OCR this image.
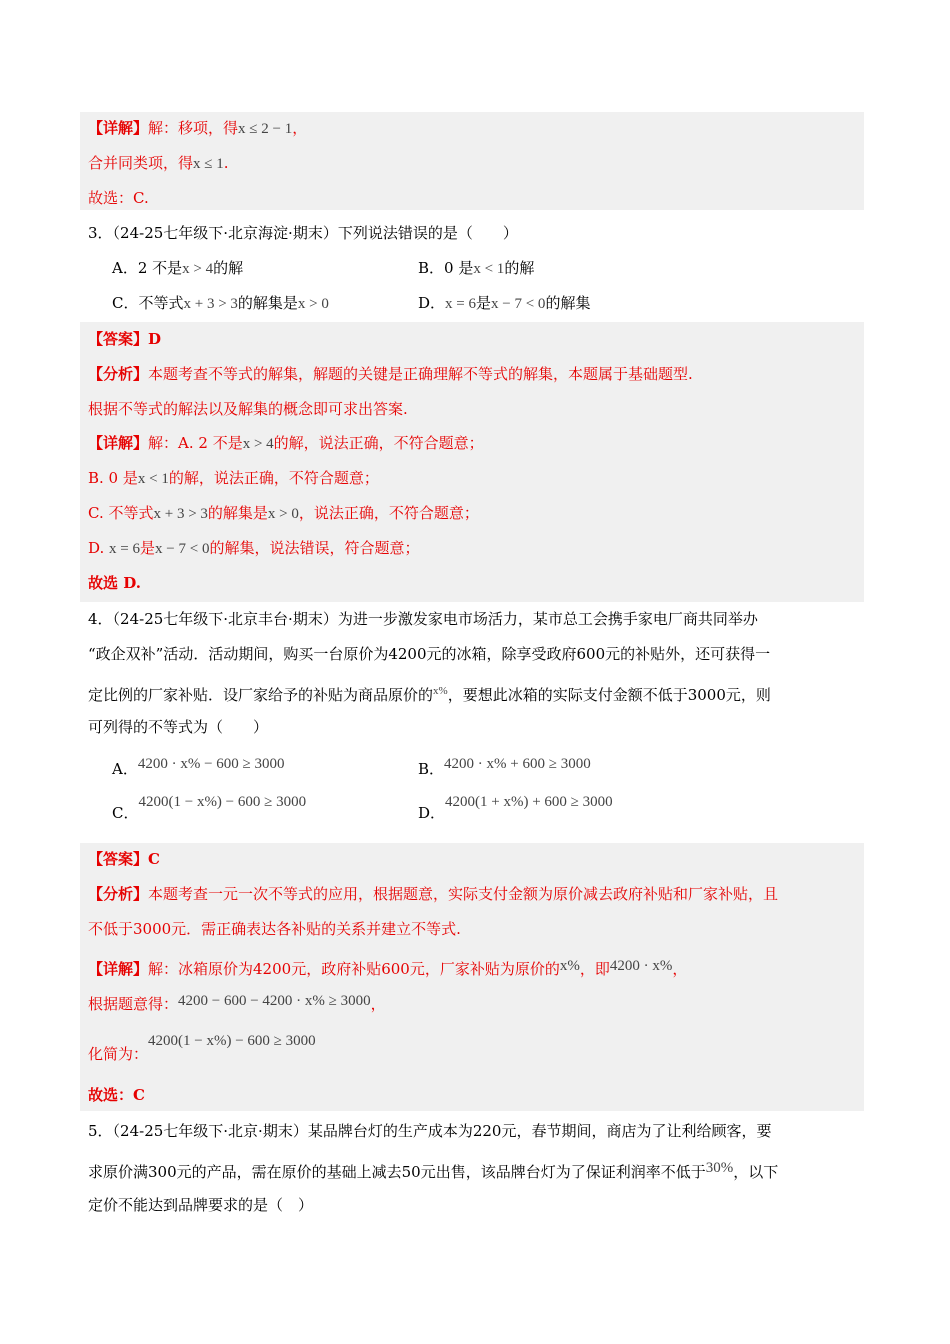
【详解】解：移项，得x ≤ 2 − 1，
合并同类项，得x ≤ 1.
故选：C.
3．（24-25七年级下·北京海淀·期末）下列说法错误的是（　　）
A．2 不是x > 4的解	B．0 是x < 1的解
C．不等式x + 3 > 3的解集是x > 0	D．x = 6是x − 7 < 0的解集
【答案】D
【分析】本题考查不等式的解集，解题的关键是正确理解不等式的解集，本题属于基础题型.
根据不等式的解法以及解集的概念即可求出答案.
【详解】解：A. 2 不是x > 4的解，说法正确，不符合题意；
B. 0 是x < 1的解，说法正确，不符合题意；
C. 不等式x + 3 > 3的解集是x > 0，说法正确，不符合题意；
D. x = 6是x − 7 < 0的解集，说法错误，符合题意；
故选 D.
4．（24-25七年级下·北京丰台·期末）为进一步激发家电市场活力，某市总工会携手家电厂商共同举办
“政企双补”活动．活动期间，购买一台原价为4200元的冰箱，除享受政府600元的补贴外，还可获得一
定比例的厂家补贴．设厂家给予的补贴为商品原价的$^{x\%}$，要想此冰箱的实际支付金额不低于3000元，则
可列得的不等式为（　　）
A．4200 · x% − 600 ≥ 3000	B．4200 · x% + 600 ≥ 3000
C．4200(1 − x%) − 600 ≥ 3000
D．4200(1 + x%) + 600 ≥ 3000
【答案】C
【分析】本题考查一元一次不等式的应用，根据题意，实际支付金额为原价减去政府补贴和厂家补贴，且
不低于3000元．需正确表达各补贴的关系并建立不等式.
【详解】解：冰箱原价为4200元，政府补贴600元，厂家补贴为原价的x%，即4200 · x%，
根据题意得：4200 − 600 − 4200 · x% ≥ 3000，
化简为：4200(1 − x%) − 600 ≥ 3000
故选：C
5．（24-25七年级下·北京·期末）某品牌台灯的生产成本为220元，春节期间，商店为了让利给顾客，要
求原价满300元的产品，需在原价的基础上减去50元出售，该品牌台灯为了保证利润率不低于30%，以下
定价不能达到品牌要求的是（　）
